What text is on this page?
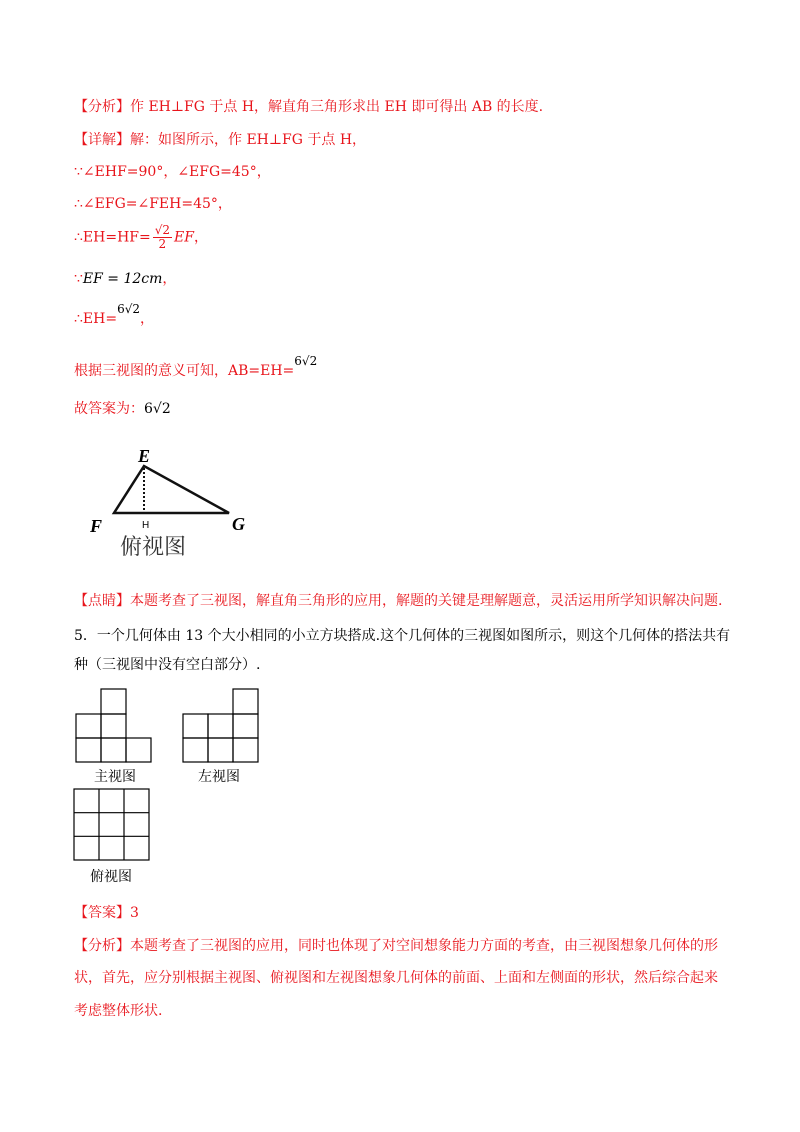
【分析】作 EH⊥FG 于点 H，解直角三角形求出 EH 即可得出 AB 的长度.
【详解】解：如图所示，作 EH⊥FG 于点 H，
∵∠EHF=90°，∠EFG=45°，
∴∠EFG=∠FEH=45°，
∴EH=HF= $\frac{√2}{2}$ EF，
∵EF = 12cm，
∴EH=6√2，
根据三视图的意义可知，AB=EH=6√2
故答案为：6√2
E
F	G
H
俯视图
【点睛】本题考查了三视图，解直角三角形的应用，解题的关键是理解题意，灵活运用所学知识解决问题.
5．一个几何体由 13 个大小相同的小立方块搭成.这个几何体的三视图如图所示，则这个几何体的搭法共有
种（三视图中没有空白部分）.
主视图	左视图
俯视图
【答案】3
【分析】本题考查了三视图的应用，同时也体现了对空间想象能力方面的考查，由三视图想象几何体的形
状，首先，应分别根据主视图、俯视图和左视图想象几何体的前面、上面和左侧面的形状，然后综合起来
考虑整体形状.
